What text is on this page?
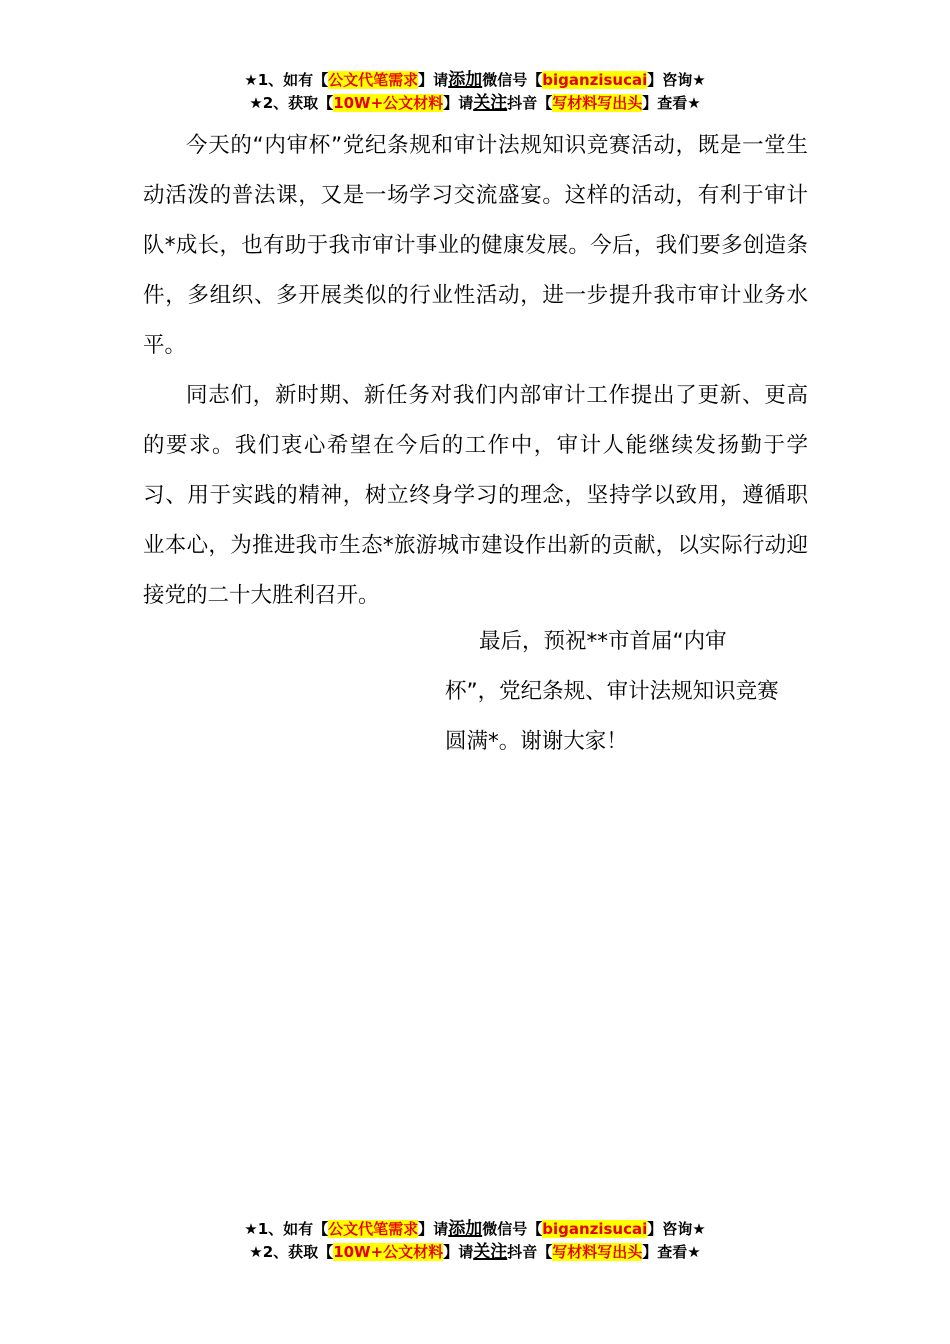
★1、如有【公文代笔需求】请添加微信号【biganzisucai】咨询★
★2、获取【10W+公文材料】请关注抖音【写材料写出头】查看★

今天的“内审杯”党纪条规和审计法规知识竞赛活动，既是一堂生动活泼的普法课，又是一场学习交流盛宴。这样的活动，有利于审计队*成长，也有助于我市审计事业的健康发展。今后，我们要多创造条件，多组织、多开展类似的行业性活动，进一步提升我市审计业务水平。

同志们，新时期、新任务对我们内部审计工作提出了更新、更高的要求。我们衷心希望在今后的工作中，审计人能继续发扬勤于学习、用于实践的精神，树立终身学习的理念，坚持学以致用，遵循职业本心，为推进我市生态*旅游城市建设作出新的贡献，以实际行动迎接党的二十大胜利召开。

最后，预祝**市首届“内审
杯”，党纪条规、审计法规知识竞赛
圆满*。谢谢大家！
★1、如有【公文代笔需求】请添加微信号【biganzisucai】咨询★
★2、获取【10W+公文材料】请关注抖音【写材料写出头】查看★
